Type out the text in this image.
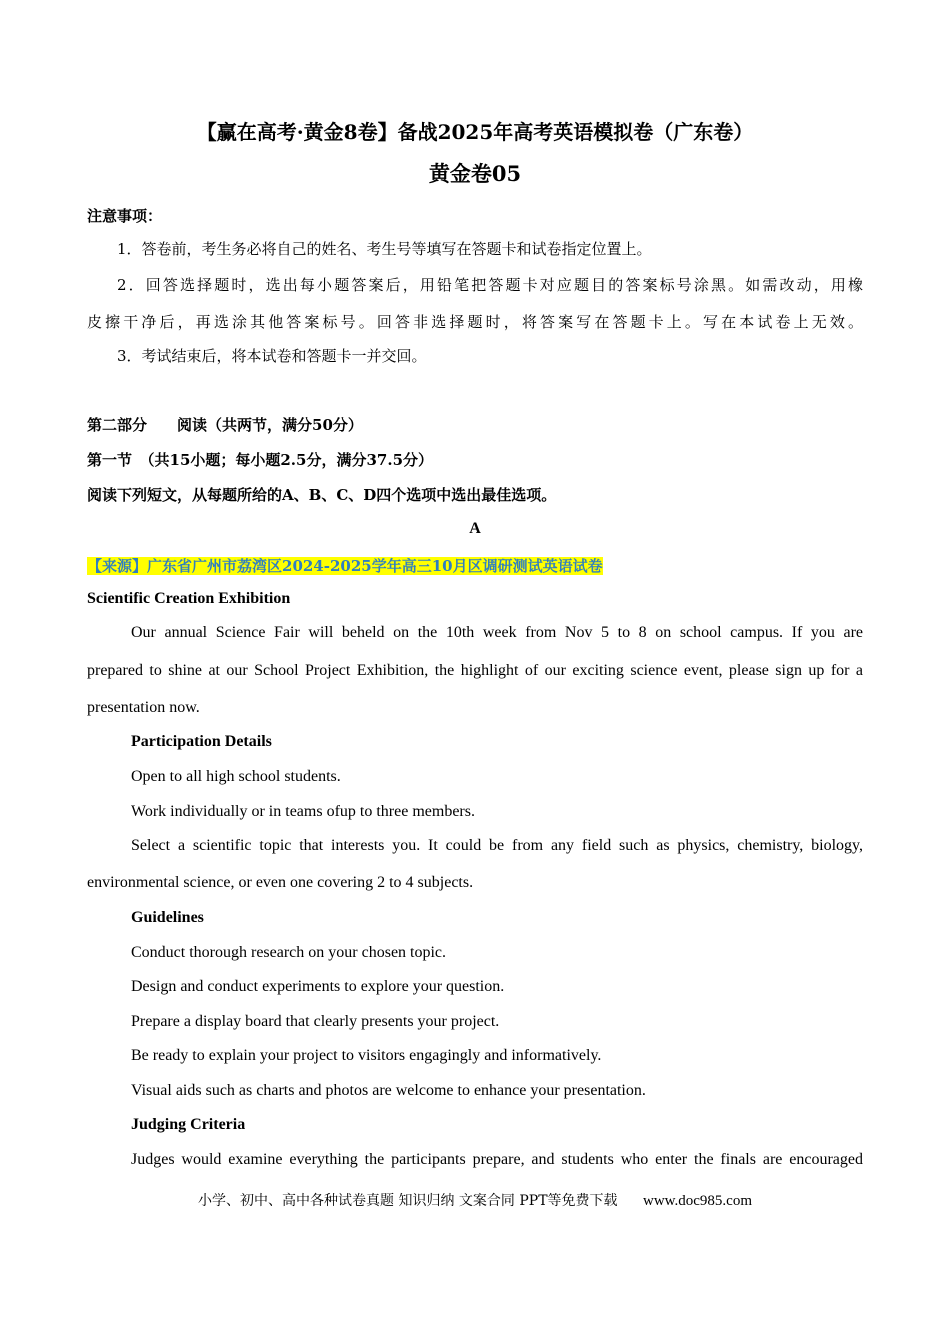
【赢在高考·黄金8卷】备战2025年高考英语模拟卷（广东卷）
黄金卷05
注意事项：
1．答卷前，考生务必将自己的姓名、考生号等填写在答题卡和试卷指定位置上。
2．回答选择题时，选出每小题答案后，用铅笔把答题卡对应题目的答案标号涂黑。如需改动，用橡
皮擦干净后，再选涂其他答案标号。回答非选择题时，将答案写在答题卡上。写在本试卷上无效。
3．考试结束后，将本试卷和答题卡一并交回。
第二部分　　阅读（共两节，满分50分）
第一节　（共15小题；每小题2.5分，满分37.5分）
阅读下列短文，从每题所给的A、B、C、D四个选项中选出最佳选项。
A
【来源】广东省广州市荔湾区2024-2025学年高三10月区调研测试英语试卷
Scientific Creation Exhibition
Our annual Science Fair will beheld on the 10th week from Nov 5 to 8 on school campus. If you are
prepared to shine at our School Project Exhibition, the highlight of our exciting science event, please sign up for a
presentation now.
Participation Details
Open to all high school students.
Work individually or in teams ofup to three members.
Select a scientific topic that interests you. It could be from any field such as physics, chemistry, biology,
environmental science, or even one covering 2 to 4 subjects.
Guidelines
Conduct thorough research on your chosen topic.
Design and conduct experiments to explore your question.
Prepare a display board that clearly presents your project.
Be ready to explain your project to visitors engagingly and informatively.
Visual aids such as charts and photos are welcome to enhance your presentation.
Judging Criteria
Judges would examine everything the participants prepare, and students who enter the finals are encouraged
小学、初中、高中各种试卷真题 知识归纳 文案合同 PPT等免费下载 www.doc985.com
